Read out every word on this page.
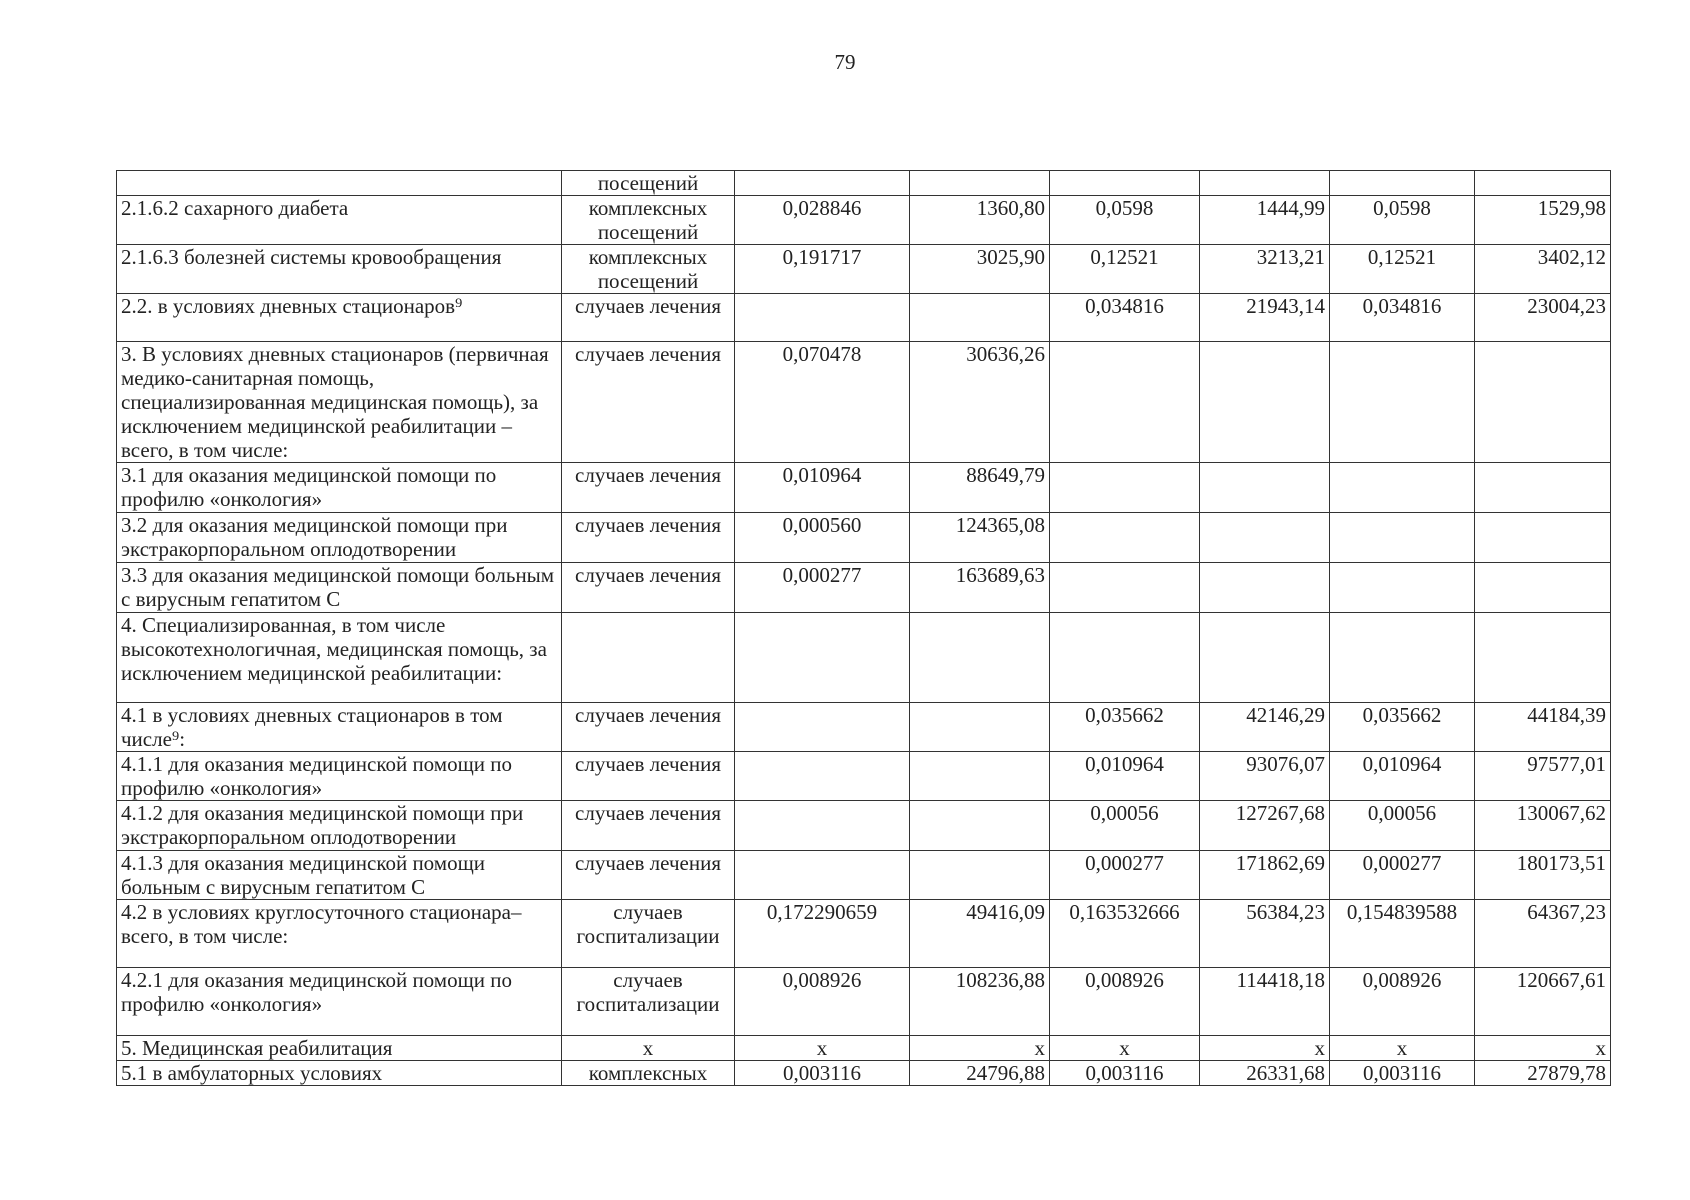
79
	посещений						
2.1.6.2 сахарного диабета	комплексных посещений	0,028846	1360,80	0,0598	1444,99	0,0598	1529,98
2.1.6.3 болезней системы кровообращения	комплексных посещений	0,191717	3025,90	0,12521	3213,21	0,12521	3402,12
2.2. в условиях дневных стационаров⁹	случаев лечения			0,034816	21943,14	0,034816	23004,23
3. В условиях дневных стационаров (первичная медико-санитарная помощь, специализированная медицинская помощь), за исключением медицинской реабилитации – всего, в том числе:	случаев лечения	0,070478	30636,26				
3.1 для оказания медицинской помощи по профилю «онкология»	случаев лечения	0,010964	88649,79				
3.2 для оказания медицинской помощи при экстракорпоральном оплодотворении	случаев лечения	0,000560	124365,08				
3.3 для оказания медицинской помощи больным с вирусным гепатитом С	случаев лечения	0,000277	163689,63				
4. Специализированная, в том числе высокотехнологичная, медицинская помощь, за исключением медицинской реабилитации:							
4.1 в условиях дневных стационаров в том числе⁹:	случаев лечения			0,035662	42146,29	0,035662	44184,39
4.1.1 для оказания медицинской помощи по профилю «онкология»	случаев лечения			0,010964	93076,07	0,010964	97577,01
4.1.2 для оказания медицинской помощи при экстракорпоральном оплодотворении	случаев лечения			0,00056	127267,68	0,00056	130067,62
4.1.3 для оказания медицинской помощи больным с вирусным гепатитом С	случаев лечения			0,000277	171862,69	0,000277	180173,51
4.2 в условиях круглосуточного стационара– всего, в том числе:	случаев госпитализации	0,172290659	49416,09	0,163532666	56384,23	0,154839588	64367,23
4.2.1 для оказания медицинской помощи по профилю «онкология»	случаев госпитализации	0,008926	108236,88	0,008926	114418,18	0,008926	120667,61
5. Медицинская реабилитация	х	х	х	х	х	х	х
5.1 в амбулаторных условиях	комплексных	0,003116	24796,88	0,003116	26331,68	0,003116	27879,78
